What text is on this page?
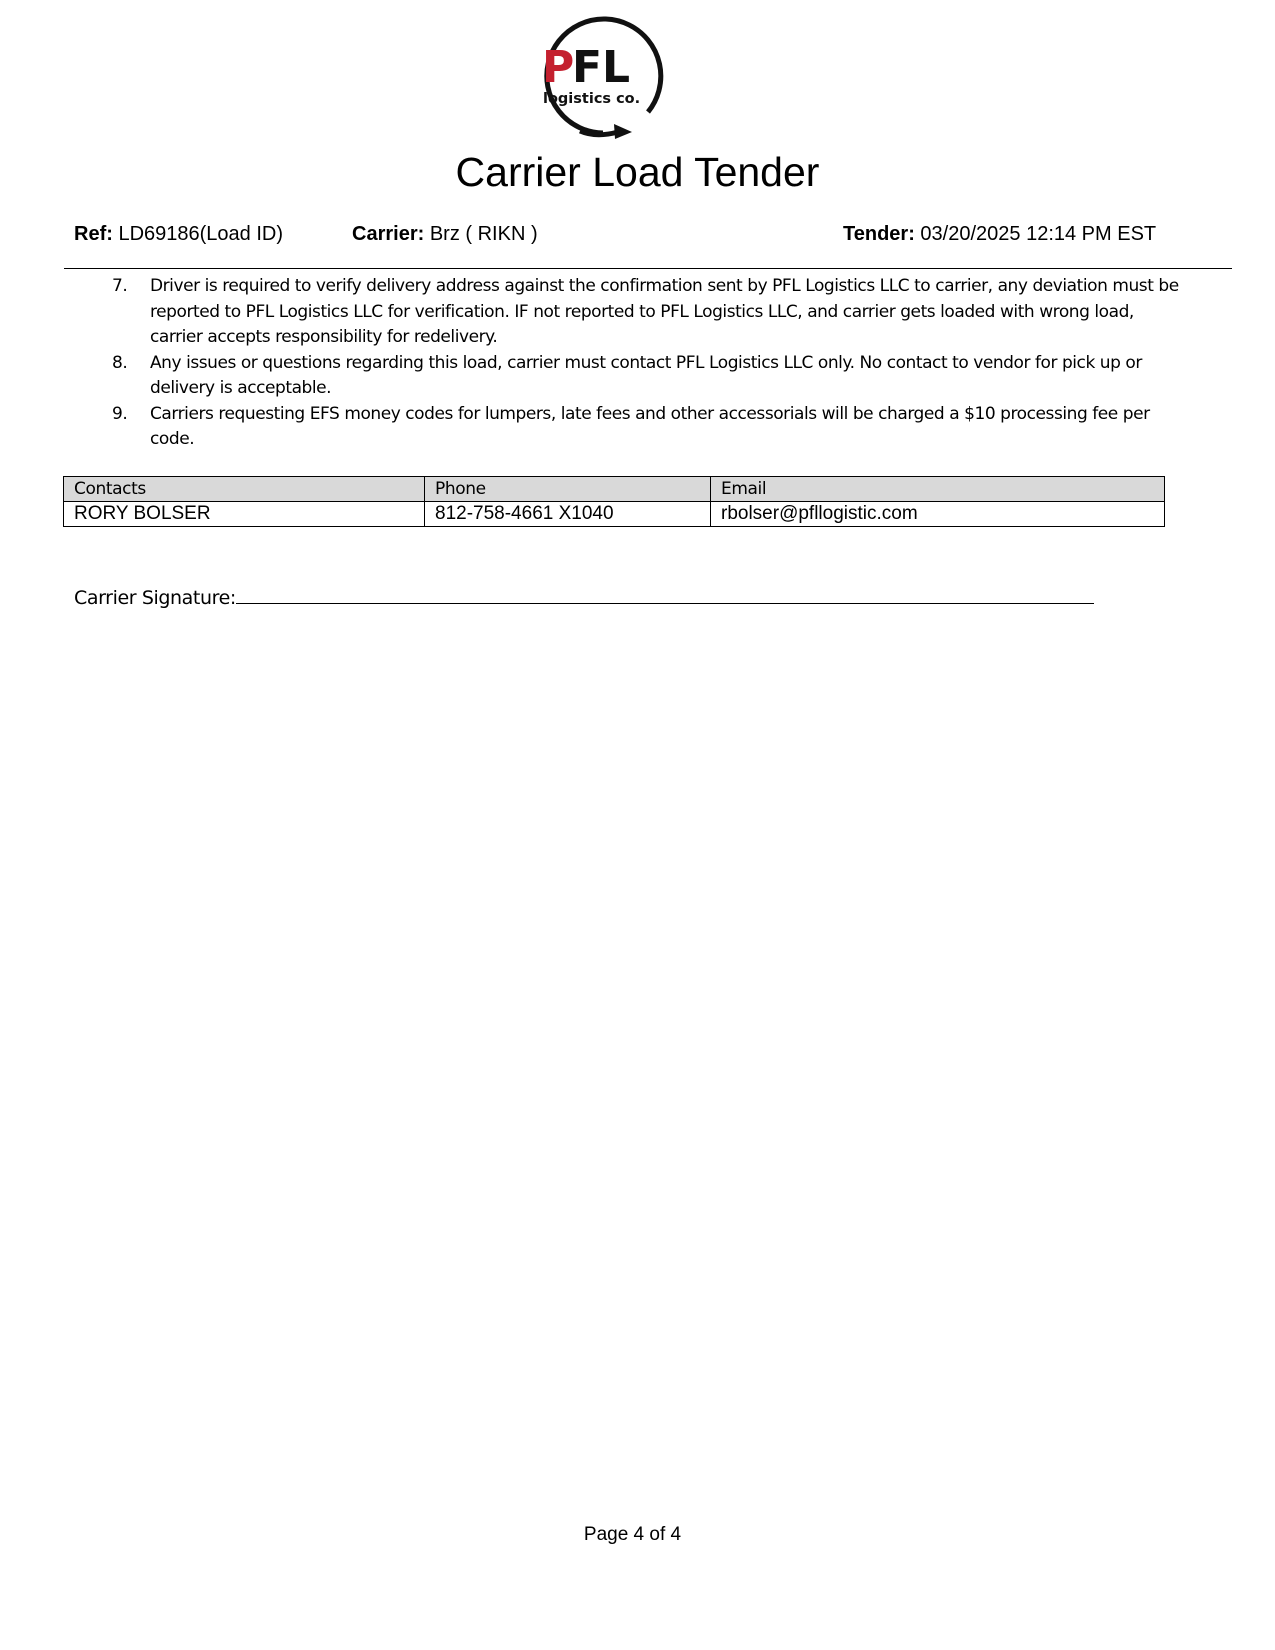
P
FL
logistics co.
Carrier Load Tender
Ref: LD69186(Load ID)	Carrier: Brz ( RIKN )	Tender: 03/20/2025 12:14 PM EST
7. Driver is required to verify delivery address against the confirmation sent by PFL Logistics LLC to carrier, any deviation must be reported to PFL Logistics LLC for verification. IF not reported to PFL Logistics LLC, and carrier gets loaded with wrong load, carrier accepts responsibility for redelivery.
8. Any issues or questions regarding this load, carrier must contact PFL Logistics LLC only. No contact to vendor for pick up or delivery is acceptable.
9. Carriers requesting EFS money codes for lumpers, late fees and other accessorials will be charged a $10 processing fee per code.
Contacts	Phone	Email
RORY BOLSER	812-758-4661 X1040	rbolser@pfllogistic.com
Carrier Signature:
Page 4 of 4
